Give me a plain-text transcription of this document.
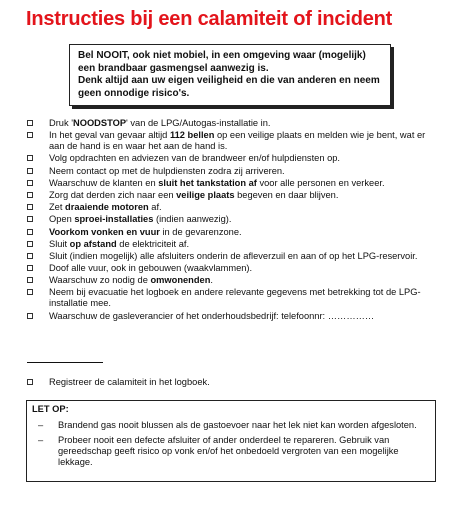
Instructies bij een calamiteit of incident
Bel NOOIT, ook niet mobiel, in een omgeving waar (mogelijk) een brandbaar gasmengsel aanwezig is.
Denk altijd aan uw eigen veiligheid en die van anderen en neem geen onnodige risico's.
Druk 'NOODSTOP' van de LPG/Autogas-installatie in.
In het geval van gevaar altijd 112 bellen op een veilige plaats en melden wie je bent, wat er aan de hand is en waar het aan de hand is.
Volg opdrachten en adviezen van de brandweer en/of hulpdiensten op.
Neem contact op met de hulpdiensten zodra zij arriveren.
Waarschuw de klanten en sluit het tankstation af voor alle personen en verkeer.
Zorg dat derden zich naar een veilige plaats begeven en daar blijven.
Zet draaiende motoren af.
Open sproei-installaties (indien aanwezig).
Voorkom vonken en vuur in de gevarenzone.
Sluit op afstand de elektriciteit af.
Sluit (indien mogelijk) alle afsluiters onderin de afleverzuil en aan of op het LPG-reservoir.
Doof alle vuur, ook in gebouwen (waakvlammen).
Waarschuw zo nodig de omwonenden.
Neem bij evacuatie het logboek en andere relevante gegevens met betrekking tot de LPG-installatie mee.
Waarschuw de gasleverancier of het onderhoudsbedrijf: telefoonnr: ……………
Registreer de calamiteit in het logboek.
LET OP:
–	Brandend gas nooit blussen als de gastoevoer naar het lek niet kan worden afgesloten.
–	Probeer nooit een defecte afsluiter of ander onderdeel te repareren. Gebruik van gereedschap geeft risico op vonk en/of het onbedoeld vergroten van een mogelijke lekkage.
